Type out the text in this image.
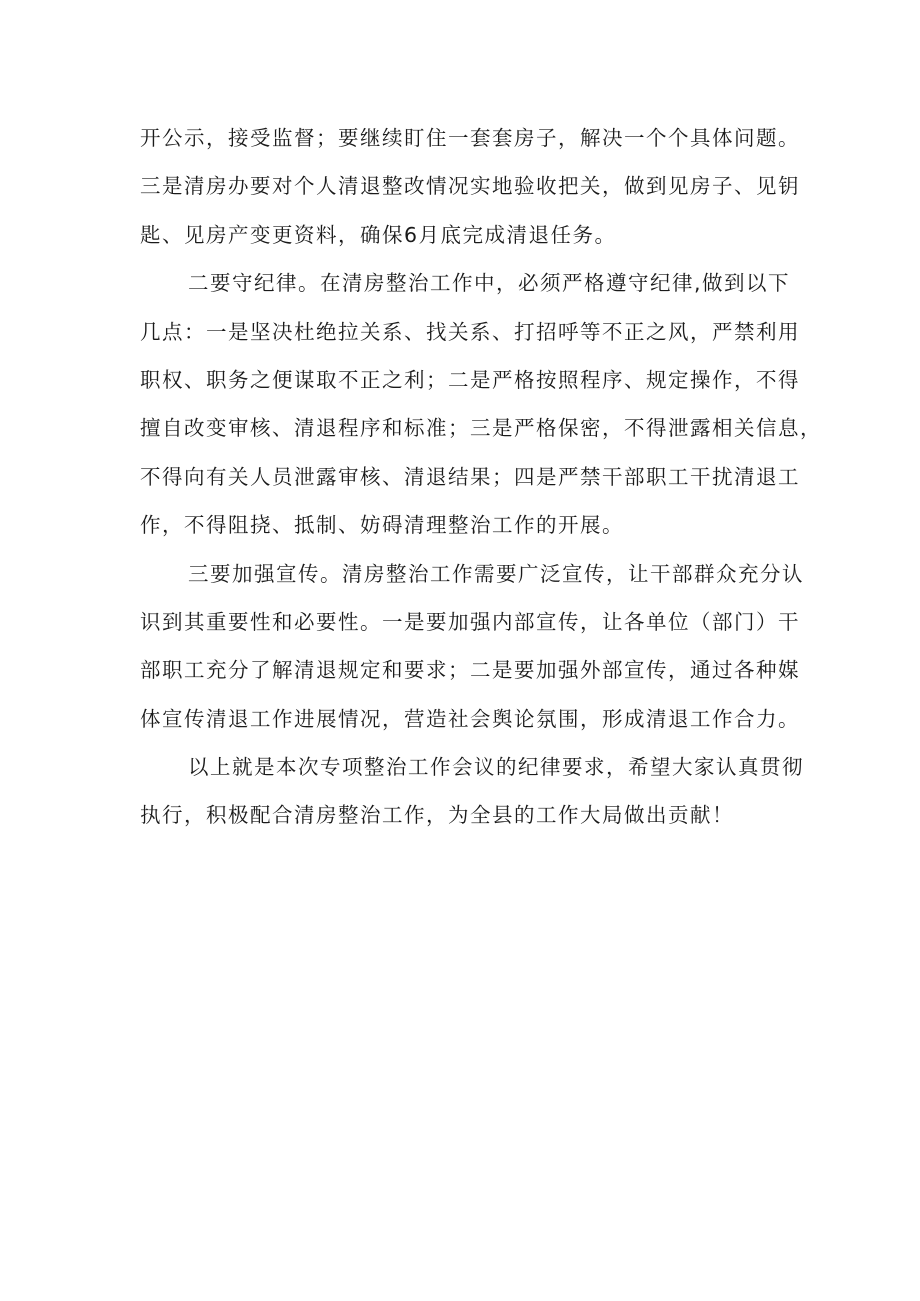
开公示，接受监督；要继续盯住一套套房子，解决一个个具体问题。
三是清房办要对个人清退整改情况实地验收把关，做到见房子、见钥
匙、见房产变更资料，确保6月底完成清退任务。
二要守纪律。在清房整治工作中，必须严格遵守纪律,做到以下
几点：一是坚决杜绝拉关系、找关系、打招呼等不正之风，严禁利用
职权、职务之便谋取不正之利；二是严格按照程序、规定操作，不得
擅自改变审核、清退程序和标准；三是严格保密，不得泄露相关信息，
不得向有关人员泄露审核、清退结果；四是严禁干部职工干扰清退工
作，不得阻挠、抵制、妨碍清理整治工作的开展。
三要加强宣传。清房整治工作需要广泛宣传，让干部群众充分认
识到其重要性和必要性。一是要加强内部宣传，让各单位（部门）干
部职工充分了解清退规定和要求；二是要加强外部宣传，通过各种媒
体宣传清退工作进展情况，营造社会舆论氛围，形成清退工作合力。
以上就是本次专项整治工作会议的纪律要求，希望大家认真贯彻
执行，积极配合清房整治工作，为全县的工作大局做出贡献！
